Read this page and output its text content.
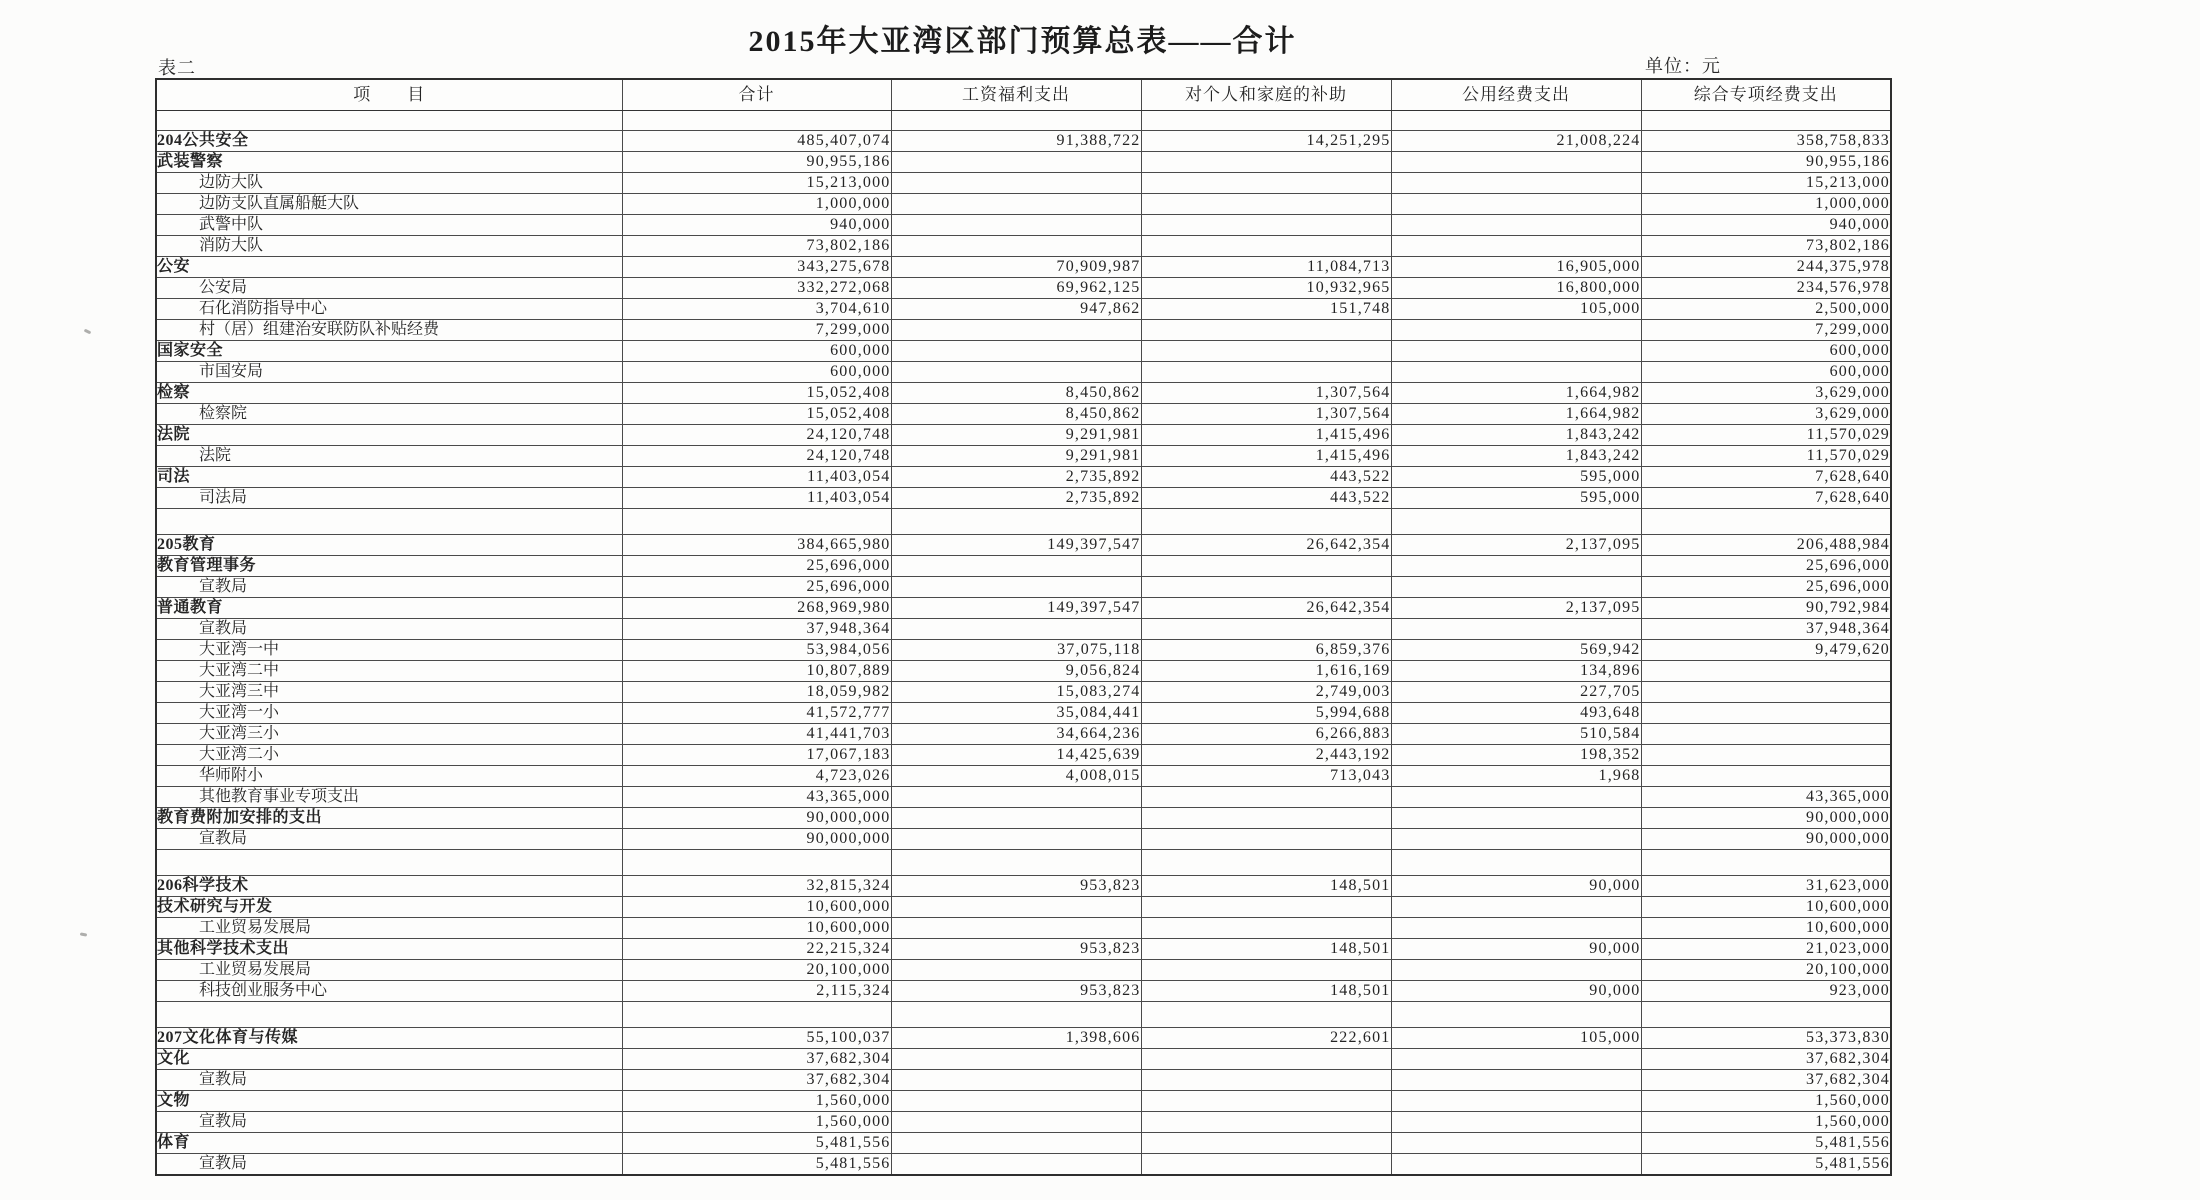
2015年大亚湾区部门预算总表——合计
表二	单位：元
项　　目	合计	工资福利支出	对个人和家庭的补助	公用经费支出	综合专项经费支出

204公共安全	485,407,074	91,388,722	14,251,295	21,008,224	358,758,833
武装警察	90,955,186				90,955,186
边防大队	15,213,000				15,213,000
边防支队直属船艇大队	1,000,000				1,000,000
武警中队	940,000				940,000
消防大队	73,802,186				73,802,186
公安	343,275,678	70,909,987	11,084,713	16,905,000	244,375,978
公安局	332,272,068	69,962,125	10,932,965	16,800,000	234,576,978
石化消防指导中心	3,704,610	947,862	151,748	105,000	2,500,000
村（居）组建治安联防队补贴经费	7,299,000				7,299,000
国家安全	600,000				600,000
市国安局	600,000				600,000
检察	15,052,408	8,450,862	1,307,564	1,664,982	3,629,000
检察院	15,052,408	8,450,862	1,307,564	1,664,982	3,629,000
法院	24,120,748	9,291,981	1,415,496	1,843,242	11,570,029
法院	24,120,748	9,291,981	1,415,496	1,843,242	11,570,029
司法	11,403,054	2,735,892	443,522	595,000	7,628,640
司法局	11,403,054	2,735,892	443,522	595,000	7,628,640

205教育	384,665,980	149,397,547	26,642,354	2,137,095	206,488,984
教育管理事务	25,696,000				25,696,000
宣教局	25,696,000				25,696,000
普通教育	268,969,980	149,397,547	26,642,354	2,137,095	90,792,984
宣教局	37,948,364				37,948,364
大亚湾一中	53,984,056	37,075,118	6,859,376	569,942	9,479,620
大亚湾二中	10,807,889	9,056,824	1,616,169	134,896	
大亚湾三中	18,059,982	15,083,274	2,749,003	227,705	
大亚湾一小	41,572,777	35,084,441	5,994,688	493,648	
大亚湾三小	41,441,703	34,664,236	6,266,883	510,584	
大亚湾二小	17,067,183	14,425,639	2,443,192	198,352	
华师附小	4,723,026	4,008,015	713,043	1,968	
其他教育事业专项支出	43,365,000				43,365,000
教育费附加安排的支出	90,000,000				90,000,000
宣教局	90,000,000				90,000,000

206科学技术	32,815,324	953,823	148,501	90,000	31,623,000
技术研究与开发	10,600,000				10,600,000
工业贸易发展局	10,600,000				10,600,000
其他科学技术支出	22,215,324	953,823	148,501	90,000	21,023,000
工业贸易发展局	20,100,000				20,100,000
科技创业服务中心	2,115,324	953,823	148,501	90,000	923,000

207文化体育与传媒	55,100,037	1,398,606	222,601	105,000	53,373,830
文化	37,682,304				37,682,304
宣教局	37,682,304				37,682,304
文物	1,560,000				1,560,000
宣教局	1,560,000				1,560,000
体育	5,481,556				5,481,556
宣教局	5,481,556				5,481,556
